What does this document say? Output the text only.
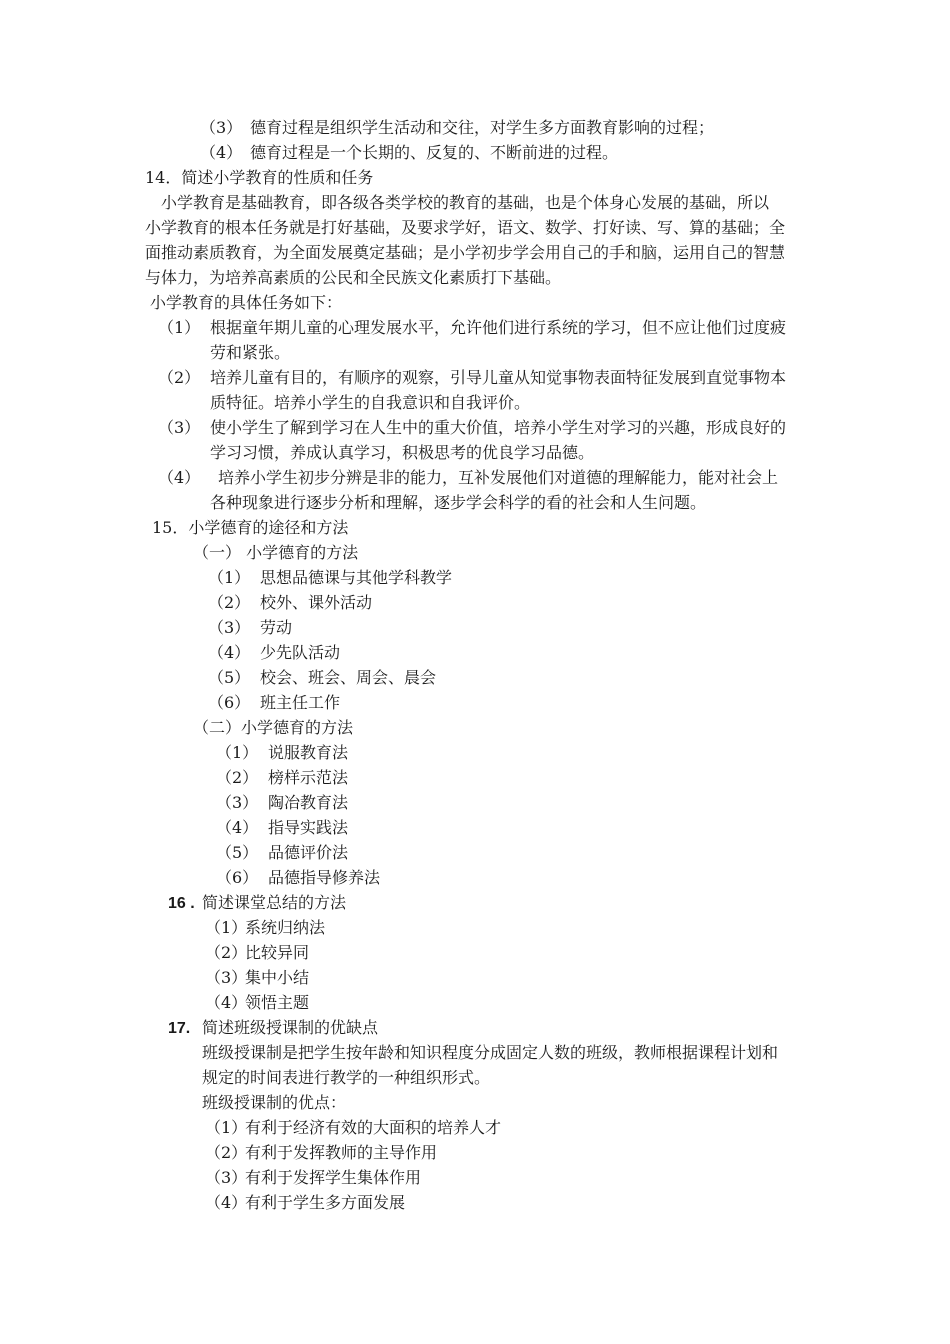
（3） 德育过程是组织学生活动和交往，对学生多方面教育影响的过程；
（4） 德育过程是一个长期的、反复的、不断前进的过程。
14．简述小学教育的性质和任务
小学教育是基础教育，即各级各类学校的教育的基础，也是个体身心发展的基础，所以
小学教育的根本任务就是打好基础，及要求学好，语文、数学、打好读、写、算的基础；全
面推动素质教育，为全面发展奠定基础；是小学初步学会用自己的手和脑，运用自己的智慧
与体力，为培养高素质的公民和全民族文化素质打下基础。
小学教育的具体任务如下：
（1） 根据童年期儿童的心理发展水平，允许他们进行系统的学习，但不应让他们过度疲
劳和紧张。
（2） 培养儿童有目的，有顺序的观察，引导儿童从知觉事物表面特征发展到直觉事物本
质特征。培养小学生的自我意识和自我评价。
（3） 使小学生了解到学习在人生中的重大价值，培养小学生对学习的兴趣，形成良好的
学习习惯，养成认真学习，积极思考的优良学习品德。
（4） 培养小学生初步分辨是非的能力，互补发展他们对道德的理解能力，能对社会上
各种现象进行逐步分析和理解，逐步学会科学的看的社会和人生问题。
15．小学德育的途径和方法
（一） 小学德育的方法
（1） 思想品德课与其他学科教学
（2） 校外、课外活动
（3） 劳动
（4） 少先队活动
（5） 校会、班会、周会、晨会
（6） 班主任工作
（二）小学德育的方法
（1） 说服教育法
（2） 榜样示范法
（3） 陶冶教育法
（4） 指导实践法
（5） 品德评价法
（6） 品德指导修养法
16 . 简述课堂总结的方法
（1）系统归纳法
（2）比较异同
（3）集中小结
（4）领悟主题
17. 简述班级授课制的优缺点
班级授课制是把学生按年龄和知识程度分成固定人数的班级，教师根据课程计划和
规定的时间表进行教学的一种组织形式。
班级授课制的优点：
（1）有利于经济有效的大面积的培养人才
（2）有利于发挥教师的主导作用
（3）有利于发挥学生集体作用
（4）有利于学生多方面发展
